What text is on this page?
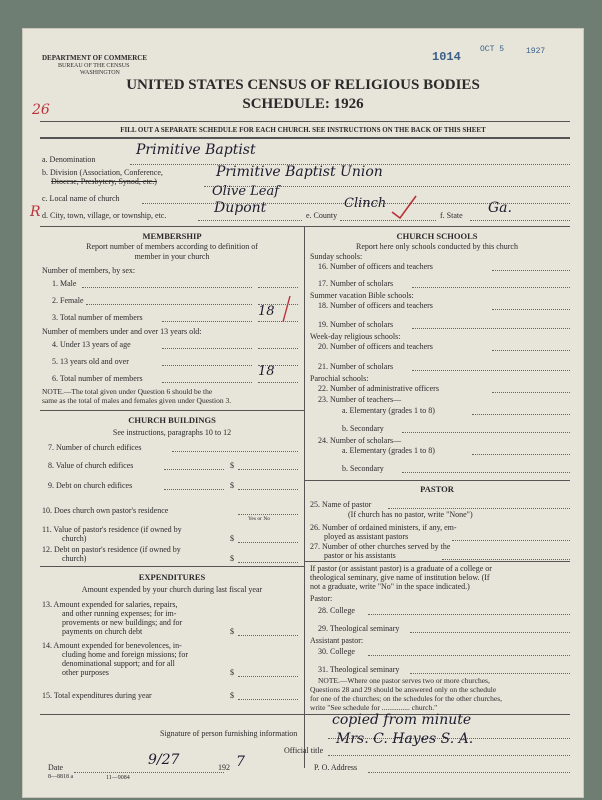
DEPARTMENT OF COMMERCE
BUREAU OF THE CENSUS
WASHINGTON
1014
OCT 5	1927
UNITED STATES CENSUS OF RELIGIOUS BODIES
SCHEDULE: 1926
26
FILL OUT A SEPARATE SCHEDULE FOR EACH CHURCH. SEE INSTRUCTIONS ON THE BACK OF THIS SHEET
a. Denomination
Primitive Baptist
b. Division (Association, Conference,
Diocese, Presbytery, Synod, etc.)
Primitive Baptist Union
c. Local name of church	Olive Leaf
d. City, town, village, or township, etc.	Dupont	e. County
Clinch
f. State Ga.
R
MEMBERSHIP
Report number of members according to definition of
member in your church
Number of members, by sex:
1. Male
2. Female
3. Total number of members	18
Number of members under and over 13 years old:
4. Under 13 years of age
5. 13 years old and over
6. Total number of members	18
NOTE.—The total given under Question 6 should be the
same as the total of males and females given under Question 3.
CHURCH BUILDINGS
See instructions, paragraphs 10 to 12
7. Number of church edifices
8. Value of church edifices	$
9. Debt on church edifices	$
10. Does church own pastor's residence
Yes or No
11. Value of pastor's residence (if owned by
church)	$
12. Debt on pastor's residence (if owned by
church)	$
EXPENDITURES
Amount expended by your church during last fiscal year
13. Amount expended for salaries, repairs,
and other running expenses; for im-
provements or new buildings; and for
payments on church debt	$
14. Amount expended for benevolences, in-
cluding home and foreign missions; for
denominational support; and for all
other purposes	$
15. Total expenditures during year	$
CHURCH SCHOOLS
Report here only schools conducted by this church
Sunday schools:
16. Number of officers and teachers
17. Number of scholars
Summer vacation Bible schools:
18. Number of officers and teachers
19. Number of scholars
Week-day religious schools:
20. Number of officers and teachers
21. Number of scholars
Parochial schools:
22. Number of administrative officers
23. Number of teachers—
a. Elementary (grades 1 to 8)
b. Secondary
24. Number of scholars—
a. Elementary (grades 1 to 8)
b. Secondary
PASTOR
25. Name of pastor
(If church has no pastor, write "None")
26. Number of ordained ministers, if any, em-
ployed as assistant pastors
27. Number of other churches served by the
pastor or his assistants
If pastor (or assistant pastor) is a graduate of a college or
theological seminary, give name of institution below. (If
not a graduate, write "No" in the space indicated.)
Pastor:
28. College
29. Theological seminary
Assistant pastor:
30. College
31. Theological seminary
NOTE.—Where one pastor serves two or more churches,
Questions 28 and 29 should be answered only on the schedule
for one of the churches; on the schedules for the other churches,
write "See schedule for ............... church."
Signature of person furnishing information
copied from minute
Official title
Mrs. C. Hayes S. A.
Date	9/27	192 7	P. O. Address
8—8818 a	11—9084
